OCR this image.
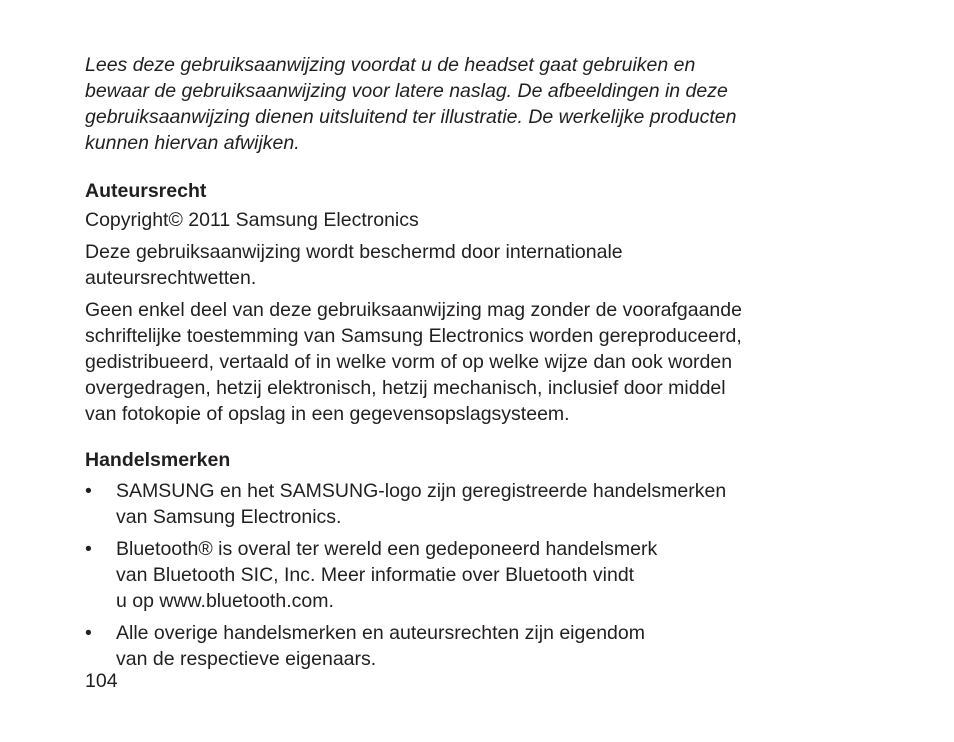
Lees deze gebruiksaanwijzing voordat u de headset gaat gebruiken en
bewaar de gebruiksaanwijzing voor latere naslag. De afbeeldingen in deze
gebruiksaanwijzing dienen uitsluitend ter illustratie. De werkelijke producten
kunnen hiervan afwijken.

Auteursrecht

Copyright© 2011 Samsung Electronics

Deze gebruiksaanwijzing wordt beschermd door internationale
auteursrechtwetten.

Geen enkel deel van deze gebruiksaanwijzing mag zonder de voorafgaande
schriftelijke toestemming van Samsung Electronics worden gereproduceerd,
gedistribueerd, vertaald of in welke vorm of op welke wijze dan ook worden
overgedragen, hetzij elektronisch, hetzij mechanisch, inclusief door middel
van fotokopie of opslag in een gegevensopslagsysteem.

Handelsmerken
• SAMSUNG en het SAMSUNG-logo zijn geregistreerde handelsmerken
van Samsung Electronics.
• Bluetooth® is overal ter wereld een gedeponeerd handelsmerk
van Bluetooth SIC, Inc. Meer informatie over Bluetooth vindt
u op www.bluetooth.com.
• Alle overige handelsmerken en auteursrechten zijn eigendom
van de respectieve eigenaars.

104
